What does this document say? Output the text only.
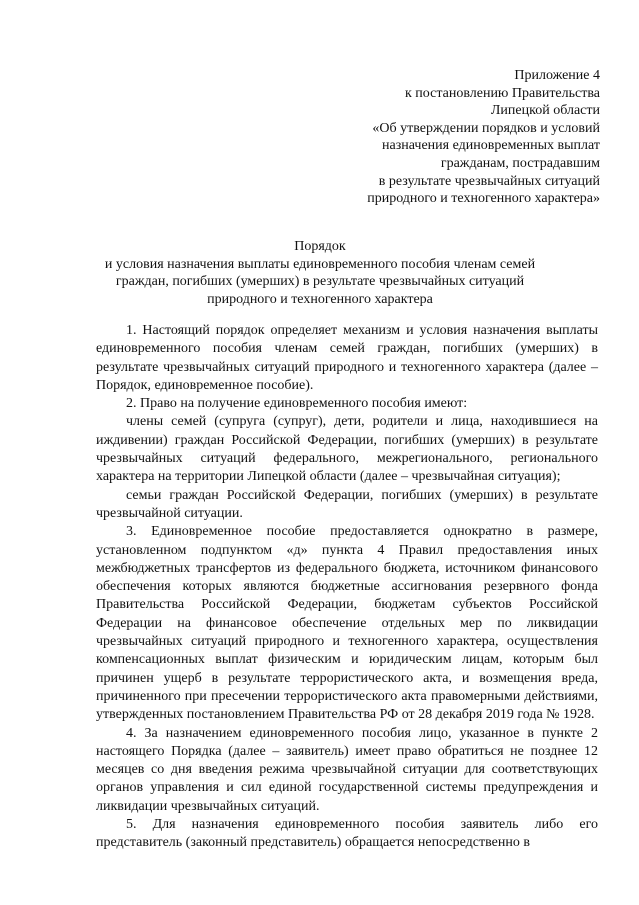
Приложение 4
к постановлению Правительства
Липецкой области
«Об утверждении порядков и условий
назначения единовременных выплат
гражданам, пострадавшим
в результате чрезвычайных ситуаций
природного и техногенного характера»
Порядок
и условия назначения выплаты единовременного пособия членам семей
граждан, погибших (умерших) в результате чрезвычайных ситуаций
природного и техногенного характера

1. Настоящий порядок определяет механизм и условия назначения выплаты единовременного пособия членам семей граждан, погибших (умерших) в результате чрезвычайных ситуаций природного и техногенного характера (далее – Порядок, единовременное пособие).

2. Право на получение единовременного пособия имеют:

члены семей (супруга (супруг), дети, родители и лица, находившиеся на иждивении) граждан Российской Федерации, погибших (умерших) в результате чрезвычайных ситуаций федерального, межрегионального, регионального характера на территории Липецкой области (далее – чрезвычайная ситуация);

семьи граждан Российской Федерации, погибших (умерших) в результате чрезвычайной ситуации.

3. Единовременное пособие предоставляется однократно в размере, установленном подпунктом «д» пункта 4 Правил предоставления иных межбюджетных трансфертов из федерального бюджета, источником финансового обеспечения которых являются бюджетные ассигнования резервного фонда Правительства Российской Федерации, бюджетам субъектов Российской Федерации на финансовое обеспечение отдельных мер по ликвидации чрезвычайных ситуаций природного и техногенного характера, осуществления компенсационных выплат физическим и юридическим лицам, которым был причинен ущерб в результате террористического акта, и возмещения вреда, причиненного при пресечении террористического акта правомерными действиями, утвержденных постановлением Правительства РФ от 28 декабря 2019 года № 1928.

4. За назначением единовременного пособия лицо, указанное в пункте 2 настоящего Порядка (далее – заявитель) имеет право обратиться не позднее 12 месяцев со дня введения режима чрезвычайной ситуации для соответствующих органов управления и сил единой государственной системы предупреждения и ликвидации чрезвычайных ситуаций.

5. Для назначения единовременного пособия заявитель либо его представитель (законный представитель) обращается непосредственно в
